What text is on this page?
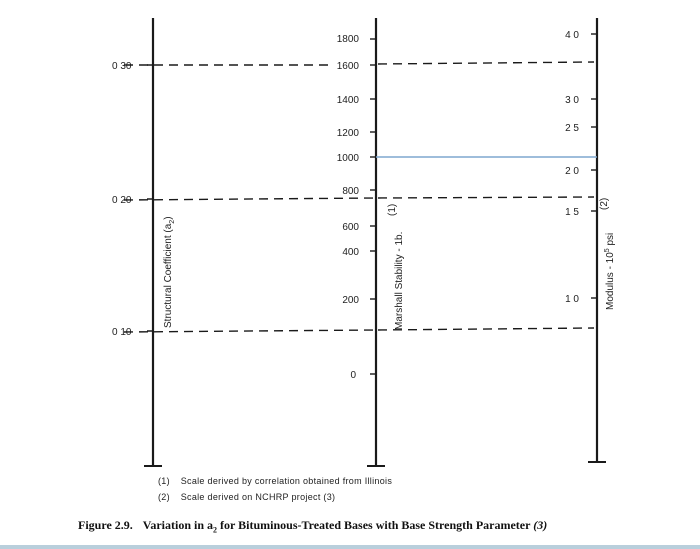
0 30
0 20
0 10
Structural Coefficient $(a_2)$
1800
1600
1400
1200
1000
800
600
400
200
0
Marshall Stability - 1b.
(1)
4 0
3 0
2 5
2 0
1 5
1 0	Modulus - $10^5$ psi
(2)
(1) Scale derived by correlation obtained from Illinois
(2) Scale derived on NCHRP project (3)
Figure 2.9. Variation in $a_2$ for Bituminous-Treated Bases with Base Strength Parameter (3)
